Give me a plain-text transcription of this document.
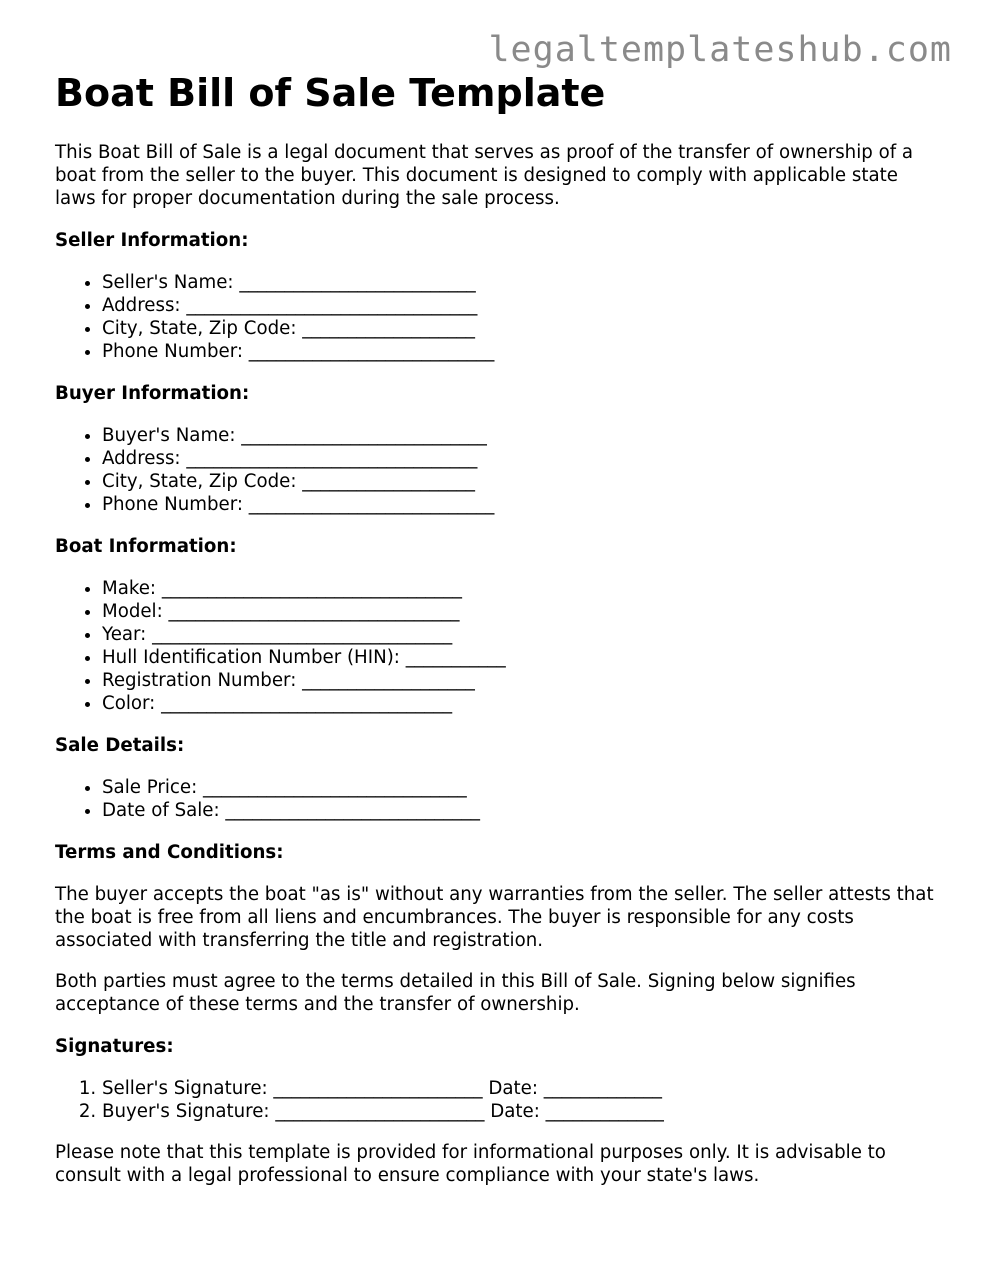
legaltemplateshub.com
Boat Bill of Sale Template

This Boat Bill of Sale is a legal document that serves as proof of the transfer of ownership of a boat from the seller to the buyer. This document is designed to comply with applicable state laws for proper documentation during the sale process.

Seller Information:
• Seller's Name: __________________________
• Address: ________________________________
• City, State, Zip Code: ___________________
• Phone Number: ___________________________
Buyer Information:
• Buyer's Name: ___________________________
• Address: ________________________________
• City, State, Zip Code: ___________________
• Phone Number: ___________________________
Boat Information:
• Make: _________________________________
• Model: ________________________________
• Year: _________________________________
• Hull Identification Number (HIN): ___________
• Registration Number: ___________________
• Color: ________________________________
Sale Details:
• Sale Price: _____________________________
• Date of Sale: ____________________________
Terms and Conditions:

The buyer accepts the boat "as is" without any warranties from the seller. The seller attests that the boat is free from all liens and encumbrances. The buyer is responsible for any costs associated with transferring the title and registration.

Both parties must agree to the terms detailed in this Bill of Sale. Signing below signifies acceptance of these terms and the transfer of ownership.

Signatures:
1. Seller's Signature: _______________________ Date: _____________
2. Buyer's Signature: _______________________ Date: _____________

Please note that this template is provided for informational purposes only. It is advisable to consult with a legal professional to ensure compliance with your state's laws.
